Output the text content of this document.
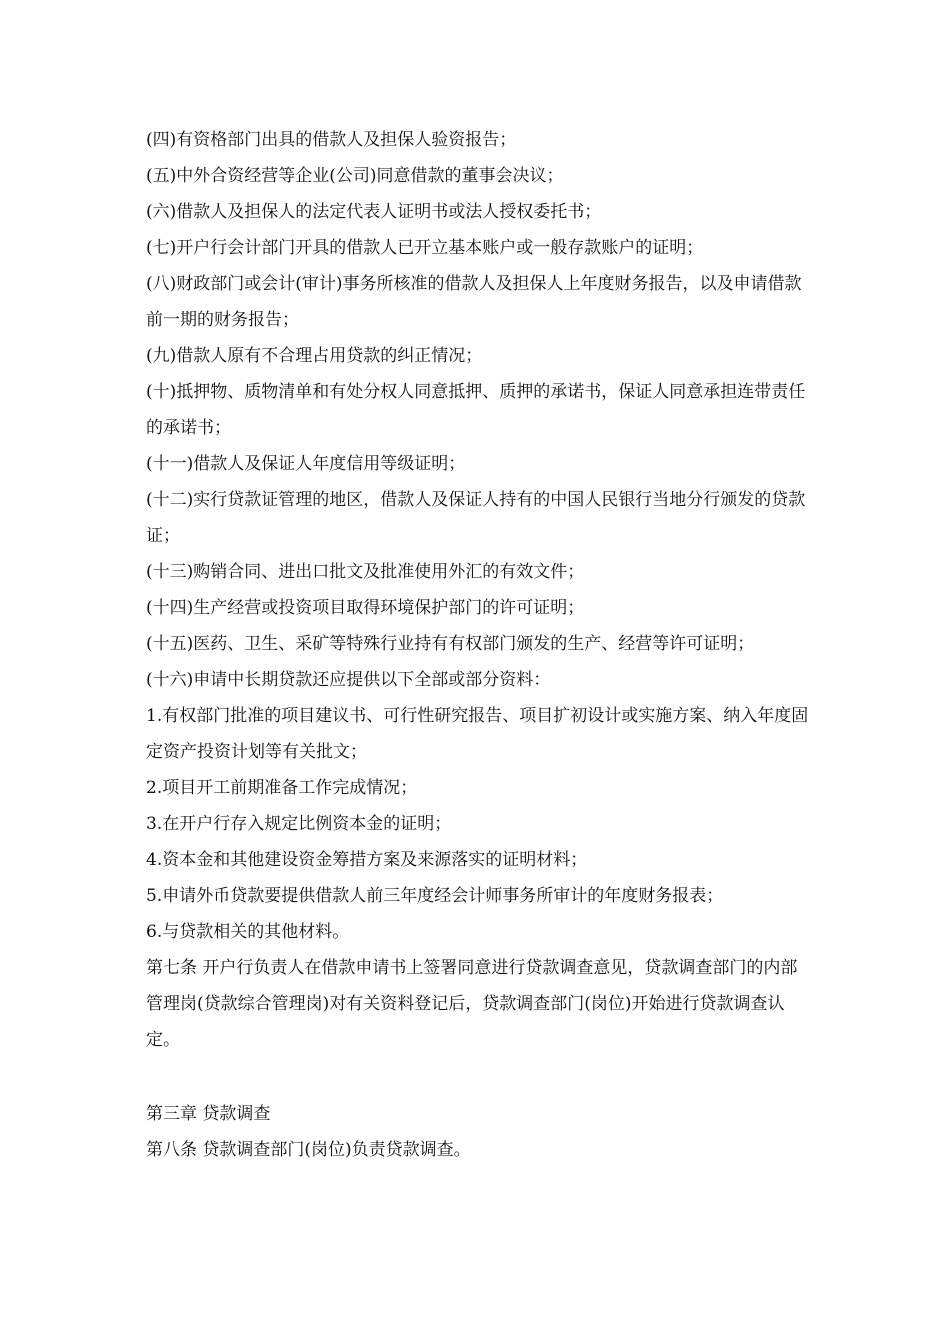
(四)有资格部门出具的借款人及担保人验资报告；

(五)中外合资经营等企业(公司)同意借款的董事会决议；

(六)借款人及担保人的法定代表人证明书或法人授权委托书；

(七)开户行会计部门开具的借款人已开立基本账户或一般存款账户的证明；

(八)财政部门或会计(审计)事务所核准的借款人及担保人上年度财务报告，以及申请借款前一期的财务报告；

(九)借款人原有不合理占用贷款的纠正情况；

(十)抵押物、质物清单和有处分权人同意抵押、质押的承诺书，保证人同意承担连带责任的承诺书；

(十一)借款人及保证人年度信用等级证明；

(十二)实行贷款证管理的地区，借款人及保证人持有的中国人民银行当地分行颁发的贷款证；

(十三)购销合同、进出口批文及批准使用外汇的有效文件；

(十四)生产经营或投资项目取得环境保护部门的许可证明；

(十五)医药、卫生、采矿等特殊行业持有有权部门颁发的生产、经营等许可证明；

(十六)申请中长期贷款还应提供以下全部或部分资料：

1.有权部门批准的项目建议书、可行性研究报告、项目扩初设计或实施方案、纳入年度固定资产投资计划等有关批文；

2.项目开工前期准备工作完成情况；

3.在开户行存入规定比例资本金的证明；

4.资本金和其他建设资金筹措方案及来源落实的证明材料；

5.申请外币贷款要提供借款人前三年度经会计师事务所审计的年度财务报表；

6.与贷款相关的其他材料。

第七条 开户行负责人在借款申请书上签署同意进行贷款调查意见，贷款调查部门的内部管理岗(贷款综合管理岗)对有关资料登记后，贷款调查部门(岗位)开始进行贷款调查认定。

第三章 贷款调查

第八条 贷款调查部门(岗位)负责贷款调查。
